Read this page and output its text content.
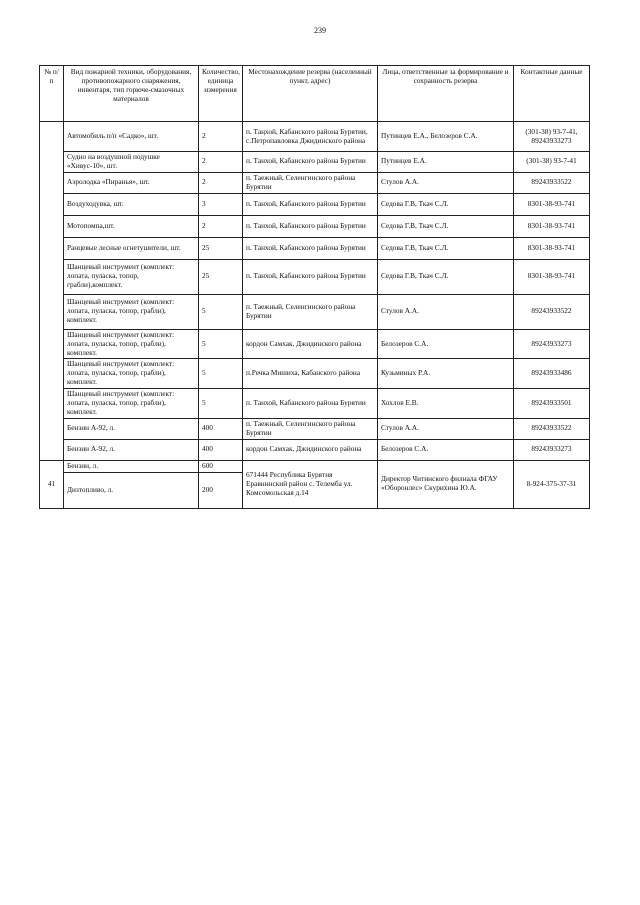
239
№ п/п	Вид пожарной техники, оборудования, противопожарного снаряжения, инвентаря, тип горюче-смазочных материалов	Количество, единица измерения	Местонахождение резерва (населенный пункт, адрес)	Лица, ответственные за формирование и сохранность резерва	Контактные данные
	Автомобиль п/п «Садко», шт.	2	п. Таңхой, Кабанского района Бурятии, с.Петропавловка Джидинского района	Путинцев Е.А., Белозеров С.А.	(301-38) 93-7-41, 89243933273
	Судно на воздушной подушке «Хивус-10», шт.	2	п. Танхой, Кабанского района Бурятии	Путинцев Е.А.	(301-38) 93-7-41
	Аэролодка «Пиранья», шт.	2	п. Таежный, Селенгинского района Бурятии	Стулов А.А.	89243933522
	Воздуходувка, шт.	3	п. Танхой, Кабанского района Бурятии	Седова Г.В, Ткач С.Л.	8301-38-93-741
	Мотопомпа,шт.	2	п. Танхой, Кабанского района Бурятии	Седова Г.В, Ткач С.Л.	8301-38-93-741
	Ранцевые лесные огнетушители, шт.	25	п. Танхой, Кабанского района Бурятии	Седова Г.В, Ткач С.Л.	8301-38-93-741
	Шанцевый инструмент (комплект: лопата, пулаcка, топор, грабли),комплект.	25	п. Танхой, Кабанского района Бурятии	Седова Г.В, Ткач С.Л.	8301-38-93-741
	Шанцевый инструмент (комплект: лопата, пулаcка, топор, грабли), комплект.	5	п. Таежный, Селенгинского района Бурятии	Стулов А.А.	89243933522
	Шанцевый инструмент (комплект: лопата, пулаcка, топор, грабли), комплект.	5	кордон Самхак, Джидинского района	Белозеров С.А.	89243933273
	Шанцевый инструмент (комплект: лопата, пулаcка, топор, грабли), комплект.	5	п.Речка Мишиха, Кабанского района	Кузьминых Р.А.	89243933486
	Шанцевый инструмент (комплект: лопата, пулаcка, топор, грабли), комплект.	5	п. Танхой, Кабанского района Бурятии	Хохлов Е.В.	89243933501
	Бензин А-92, л.	400	п. Таежный, Селенгинского района Бурятии	Стулов А.А.	89243933522
	Бензин А-92, л.	400	кордон Самхак, Джидинского района	Белозеров С.А.	89243933273
41	Бензин, л.	600	671444 Республика Бурятия Еравнинский район с. Телемба ул. Комсомольская д.14	Директор Читинского филиала ФГАУ «Оборонлес» Скурихина Ю.А.	8-924-375-37-31
	Дизтопливо, л.	200			
